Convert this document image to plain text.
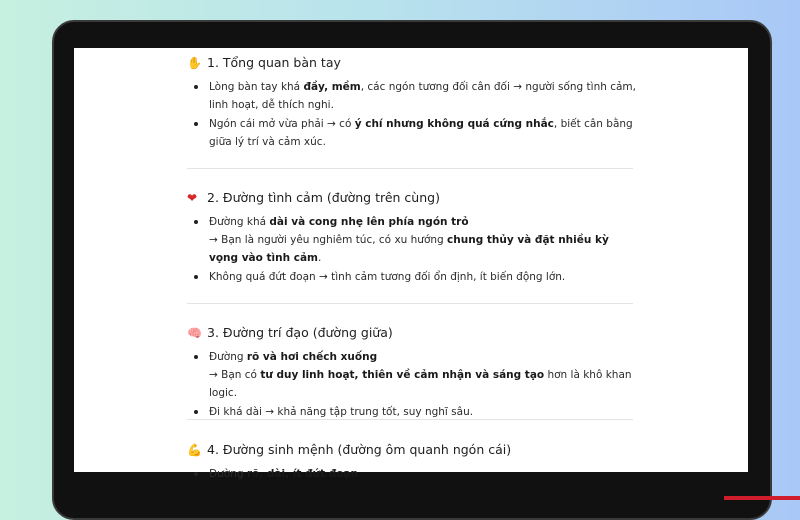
✋ 1. Tổng quan bàn tay
Lòng bàn tay khá đầy, mềm, các ngón tương đối cân đối → người sống tình cảm, linh hoạt, dễ thích nghi.
Ngón cái mở vừa phải → có ý chí nhưng không quá cứng nhắc, biết cân bằng giữa lý trí và cảm xúc.
❤ 2. Đường tình cảm (đường trên cùng)
Đường khá dài và cong nhẹ lên phía ngón trỏ
→ Bạn là người yêu nghiêm túc, có xu hướng chung thủy và đặt nhiều kỳ vọng vào tình cảm.
Không quá đứt đoạn → tình cảm tương đối ổn định, ít biến động lớn.
🧠 3. Đường trí đạo (đường giữa)
Đường rõ và hơi chếch xuống
→ Bạn có tư duy linh hoạt, thiên về cảm nhận và sáng tạo hơn là khô khan logic.
Đi khá dài → khả năng tập trung tốt, suy nghĩ sâu.
💪 4. Đường sinh mệnh (đường ôm quanh ngón cái)
Đường rõ, dài, ít đứt đoạn
